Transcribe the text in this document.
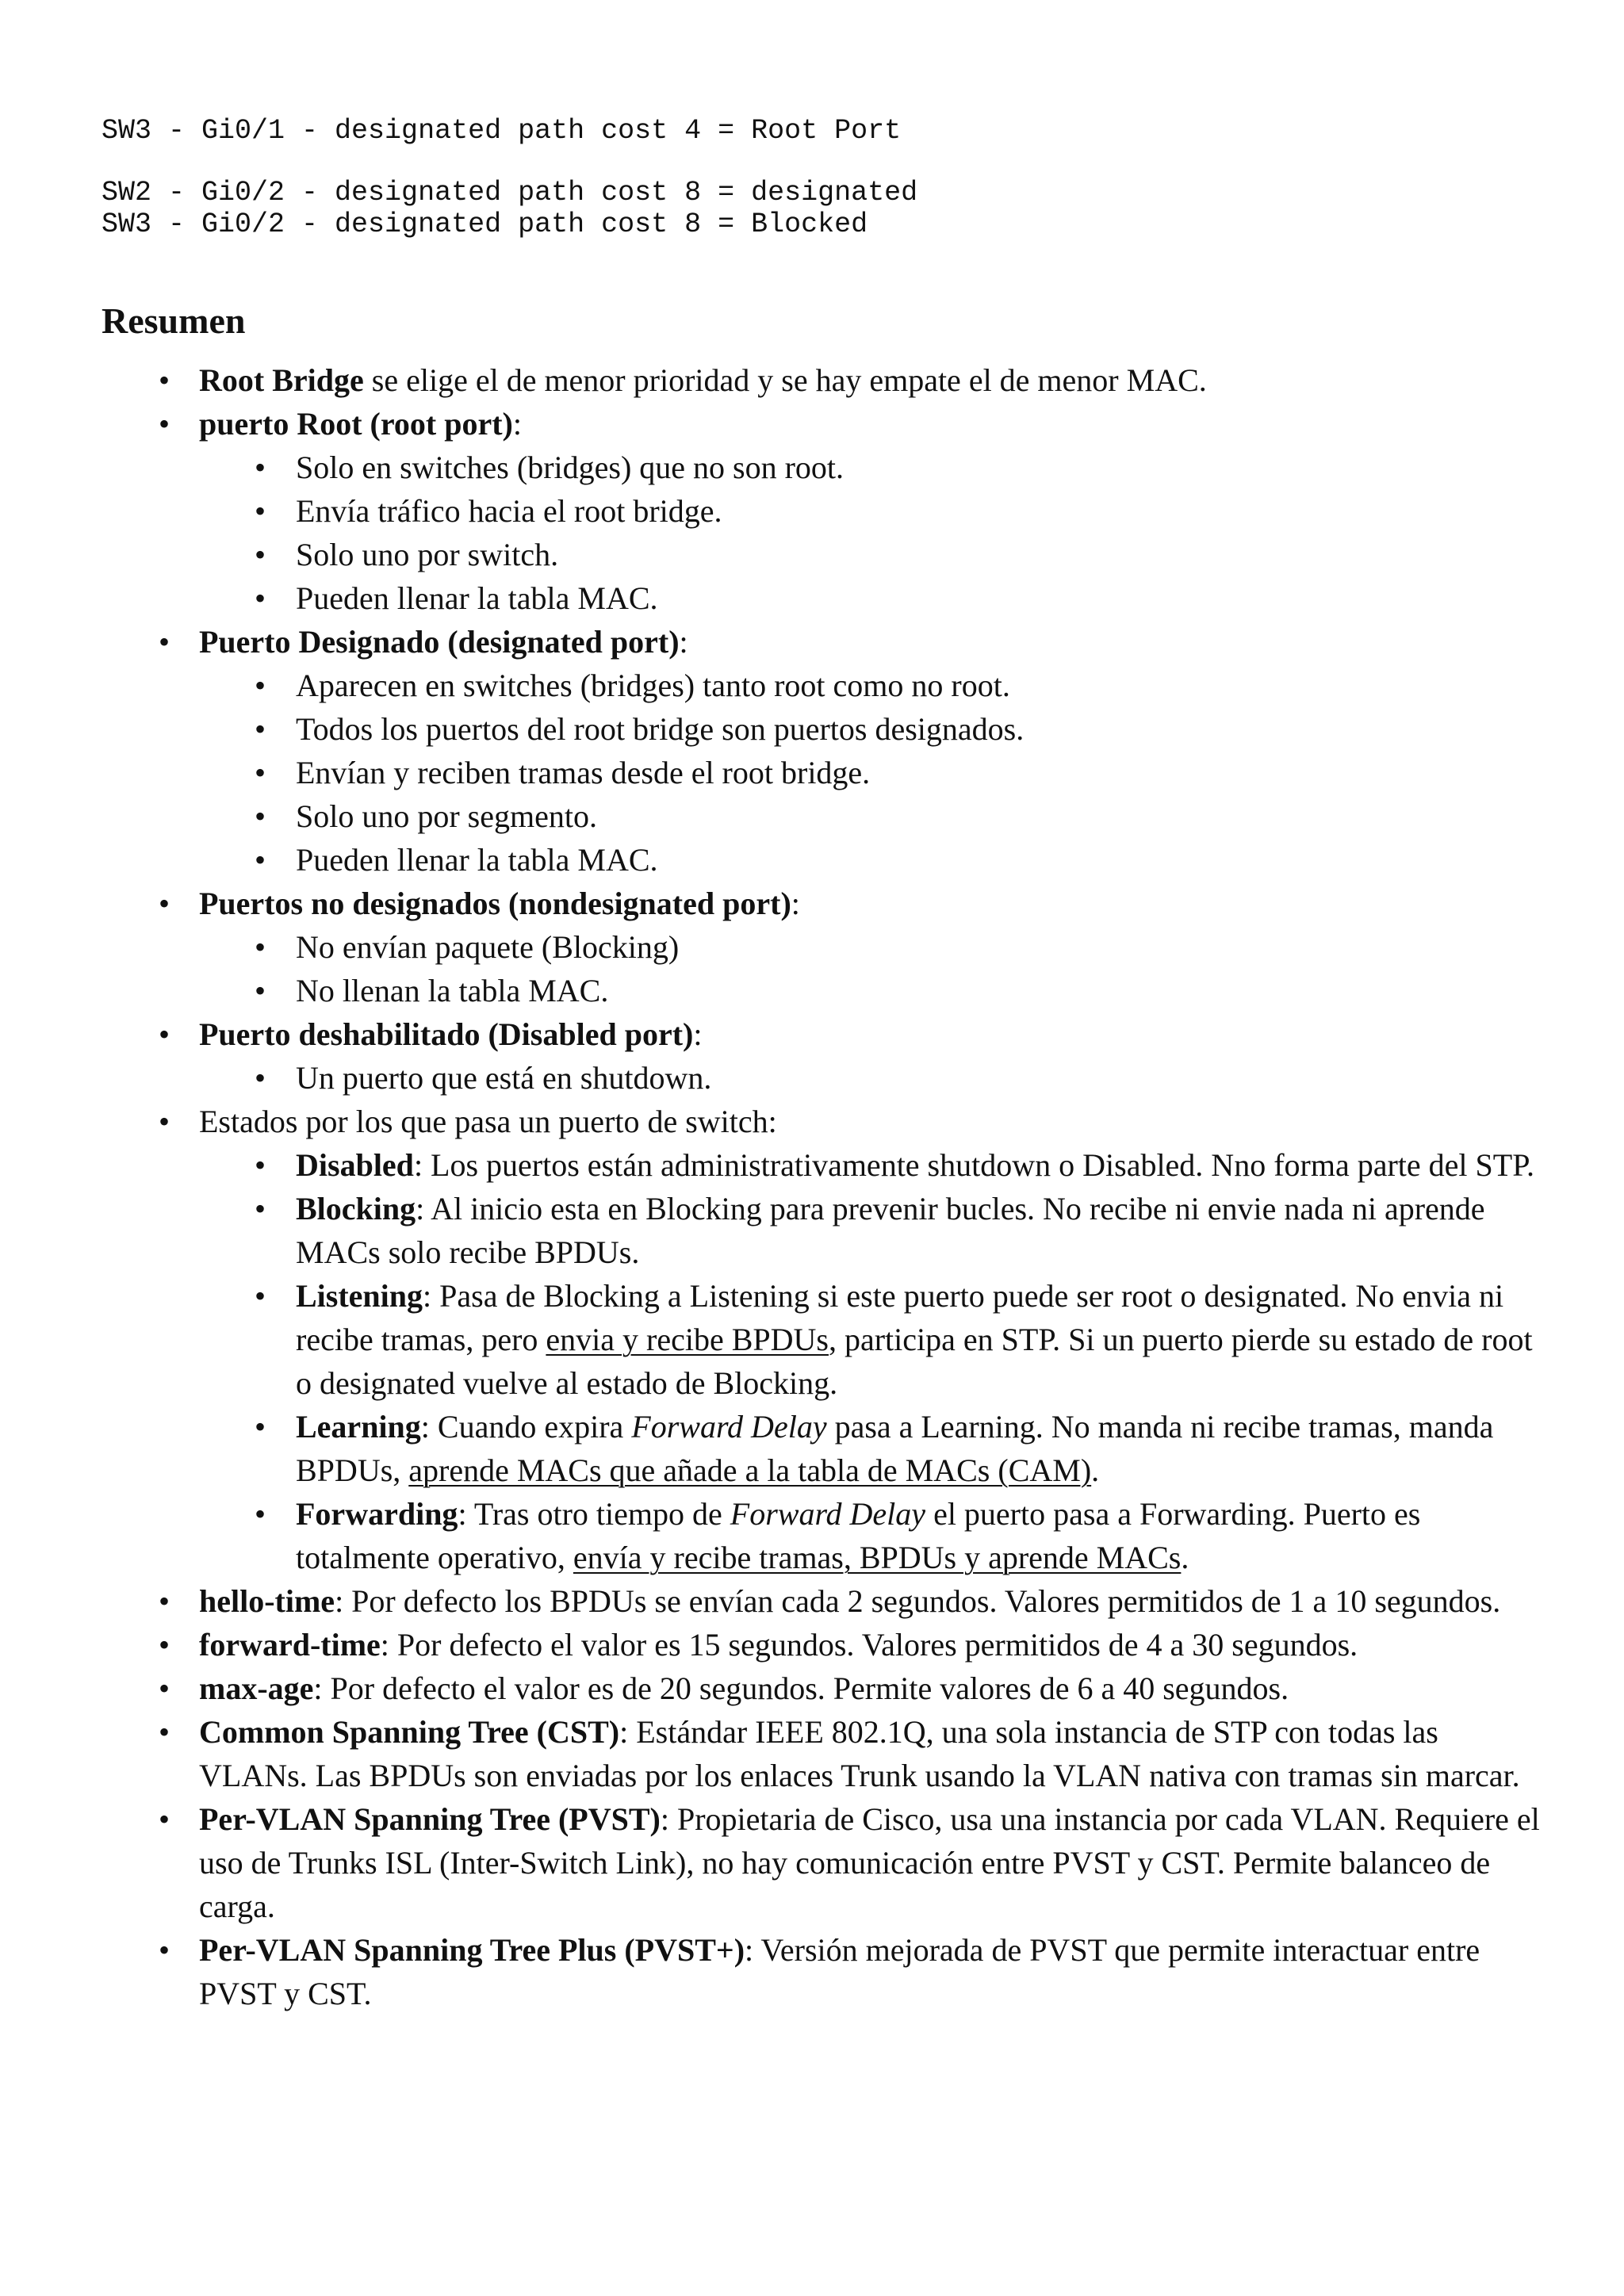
SW3 - Gi0/1 - designated path cost 4 = Root Port
SW2 - Gi0/2 - designated path cost 8 = designated
SW3 - Gi0/2 - designated path cost 8 = Blocked
Resumen
• Root Bridge se elige el de menor prioridad y se hay empate el de menor MAC.
• puerto Root (root port):
• Solo en switches (bridges) que no son root.
• Envía tráfico hacia el root bridge.
• Solo uno por switch.
• Pueden llenar la tabla MAC.
• Puerto Designado (designated port):
• Aparecen en switches (bridges) tanto root como no root.
• Todos los puertos del root bridge son puertos designados.
• Envían y reciben tramas desde el root bridge.
• Solo uno por segmento.
• Pueden llenar la tabla MAC.
• Puertos no designados (nondesignated port):
• No envían paquete (Blocking)
• No llenan la tabla MAC.
• Puerto deshabilitado (Disabled port):
• Un puerto que está en shutdown.
• Estados por los que pasa un puerto de switch:
• Disabled: Los puertos están administrativamente shutdown o Disabled. Nno forma parte del STP.
• Blocking: Al inicio esta en Blocking para prevenir bucles. No recibe ni envie nada ni aprende MACs solo recibe BPDUs.
• Listening: Pasa de Blocking a Listening si este puerto puede ser root o designated. No envia ni recibe tramas, pero envia y recibe BPDUs, participa en STP. Si un puerto pierde su estado de root o designated vuelve al estado de Blocking.
• Learning: Cuando expira Forward Delay pasa a Learning. No manda ni recibe tramas, manda BPDUs, aprende MACs que añade a la tabla de MACs (CAM).
• Forwarding: Tras otro tiempo de Forward Delay el puerto pasa a Forwarding. Puerto es totalmente operativo, envía y recibe tramas, BPDUs y aprende MACs.
• hello-time: Por defecto los BPDUs se envían cada 2 segundos. Valores permitidos de 1 a 10 segundos.
• forward-time: Por defecto el valor es 15 segundos. Valores permitidos de 4 a 30 segundos.
• max-age: Por defecto el valor es de 20 segundos. Permite valores de 6 a 40 segundos.
• Common Spanning Tree (CST): Estándar IEEE 802.1Q, una sola instancia de STP con todas las VLANs. Las BPDUs son enviadas por los enlaces Trunk usando la VLAN nativa con tramas sin marcar.
• Per-VLAN Spanning Tree (PVST): Propietaria de Cisco, usa una instancia por cada VLAN. Requiere el uso de Trunks ISL (Inter-Switch Link), no hay comunicación entre PVST y CST. Permite balanceo de carga.
• Per-VLAN Spanning Tree Plus (PVST+): Versión mejorada de PVST que permite interactuar entre PVST y CST.
